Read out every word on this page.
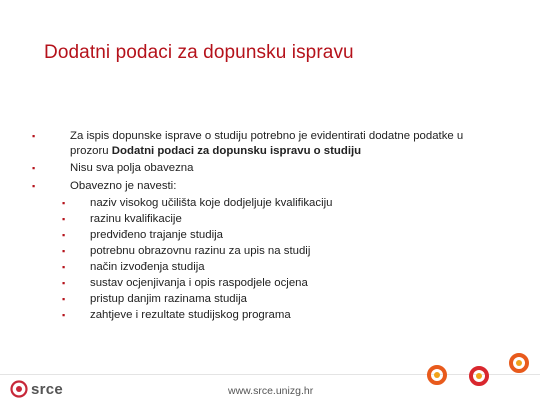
Dodatni podaci za dopunsku ispravu
▪	Za ispis dopunske isprave o studiju potrebno je evidentirati dodatne podatke u prozoru Dodatni podaci za dopunsku ispravu o studiju
▪	Nisu sva polja obavezna
▪	Obavezno je navesti:
▪ naziv visokog učilišta koje dodjeljuje kvalifikaciju
▪ razinu kvalifikacije
▪ predviđeno trajanje studija
▪ potrebnu obrazovnu razinu za upis na studij
▪ način izvođenja studija
▪ sustav ocjenjivanja i opis raspodjele ocjena
▪ pristup danjim razinama studija
▪ zahtjeve i rezultate studijskog programa
srce	www.srce.unizg.hr
